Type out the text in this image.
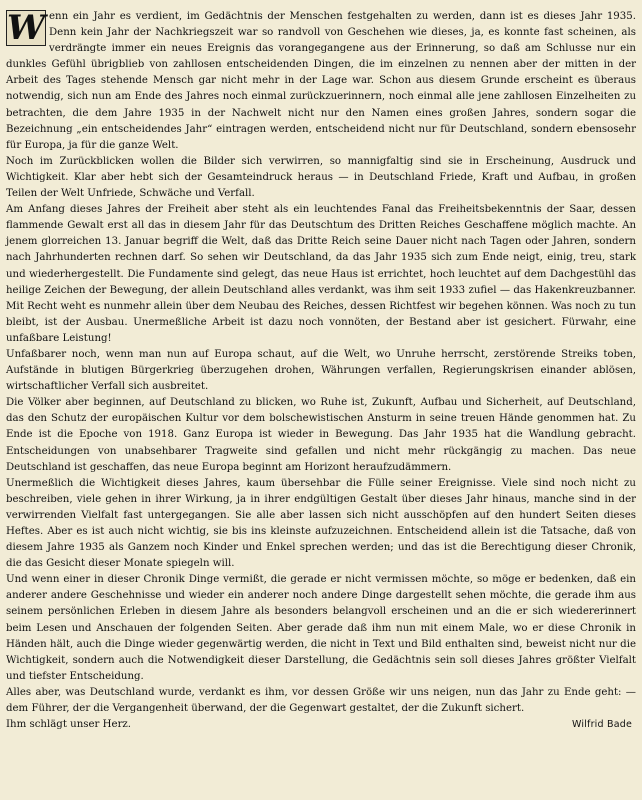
W enn ein Jahr es verdient, im Gedächtnis der Menschen festgehalten zu werden, dann ist es dieses Jahr 1935. Denn kein Jahr der Nachkriegszeit war so randvoll von Geschehen wie dieses, ja, es konnte fast scheinen, als verdrängte immer ein neues Ereignis das vorangegangene aus der Erinnerung, so daß am Schlusse nur ein dunkles Gefühl übrigblieb von zahllosen entscheidenden Dingen, die im einzelnen zu nennen aber der mitten in der Arbeit des Tages stehende Mensch gar nicht mehr in der Lage war. Schon aus diesem Grunde erscheint es überaus notwendig, sich nun am Ende des Jahres noch einmal zurückzuerinnern, noch einmal alle jene zahllosen Einzelheiten zu betrachten, die dem Jahre 1935 in der Nachwelt nicht nur den Namen eines großen Jahres, sondern sogar die Bezeichnung „ein entscheidendes Jahr“ eintragen werden, entscheidend nicht nur für Deutschland, sondern ebensosehr für Europa, ja für die ganze Welt.

Noch im Zurückblicken wollen die Bilder sich verwirren, so mannigfaltig sind sie in Erscheinung, Ausdruck und Wichtigkeit. Klar aber hebt sich der Gesamteindruck heraus — in Deutschland Friede, Kraft und Aufbau, in großen Teilen der Welt Unfriede, Schwäche und Verfall.

Am Anfang dieses Jahres der Freiheit aber steht als ein leuchtendes Fanal das Freiheitsbekenntnis der Saar, dessen flammende Gewalt erst all das in diesem Jahr für das Deutschtum des Dritten Reiches Geschaffene möglich machte. An jenem glorreichen 13. Januar begriff die Welt, daß das Dritte Reich seine Dauer nicht nach Tagen oder Jahren, sondern nach Jahrhunderten rechnen darf. So sehen wir Deutschland, da das Jahr 1935 sich zum Ende neigt, einig, treu, stark und wiederhergestellt. Die Fundamente sind gelegt, das neue Haus ist errichtet, hoch leuchtet auf dem Dachgestühl das heilige Zeichen der Bewegung, der allein Deutschland alles verdankt, was ihm seit 1933 zufiel — das Hakenkreuzbanner. Mit Recht weht es nunmehr allein über dem Neubau des Reiches, dessen Richtfest wir begehen können. Was noch zu tun bleibt, ist der Ausbau. Unermeßliche Arbeit ist dazu noch vonnöten, der Bestand aber ist gesichert. Fürwahr, eine unfaßbare Leistung!

Unfaßbarer noch, wenn man nun auf Europa schaut, auf die Welt, wo Unruhe herrscht, zerstörende Streiks toben, Aufstände in blutigen Bürgerkrieg überzugehen drohen, Währungen verfallen, Regierungskrisen einander ablösen, wirtschaftlicher Verfall sich ausbreitet.

Die Völker aber beginnen, auf Deutschland zu blicken, wo Ruhe ist, Zukunft, Aufbau und Sicherheit, auf Deutschland, das den Schutz der europäischen Kultur vor dem bolschewistischen Ansturm in seine treuen Hände genommen hat. Zu Ende ist die Epoche von 1918. Ganz Europa ist wieder in Bewegung. Das Jahr 1935 hat die Wandlung gebracht. Entscheidungen von unabsehbarer Tragweite sind gefallen und nicht mehr rückgängig zu machen. Das neue Deutschland ist geschaffen, das neue Europa beginnt am Horizont heraufzudämmern.

Unermeßlich die Wichtigkeit dieses Jahres, kaum übersehbar die Fülle seiner Ereignisse. Viele sind noch nicht zu beschreiben, viele gehen in ihrer Wirkung, ja in ihrer endgültigen Gestalt über dieses Jahr hinaus, manche sind in der verwirrenden Vielfalt fast untergegangen. Sie alle aber lassen sich nicht ausschöpfen auf den hundert Seiten dieses Heftes. Aber es ist auch nicht wichtig, sie bis ins kleinste aufzuzeichnen. Entscheidend allein ist die Tatsache, daß von diesem Jahre 1935 als Ganzem noch Kinder und Enkel sprechen werden; und das ist die Berechtigung dieser Chronik, die das Gesicht dieser Monate spiegeln will.

Und wenn einer in dieser Chronik Dinge vermißt, die gerade er nicht vermissen möchte, so möge er bedenken, daß ein anderer andere Geschehnisse und wieder ein anderer noch andere Dinge dargestellt sehen möchte, die gerade ihm aus seinem persönlichen Erleben in diesem Jahre als besonders belangvoll erscheinen und an die er sich wiedererinnert beim Lesen und Anschauen der folgenden Seiten. Aber gerade daß ihm nun mit einem Male, wo er diese Chronik in Händen hält, auch die Dinge wieder gegenwärtig werden, die nicht in Text und Bild enthalten sind, beweist nicht nur die Wichtigkeit, sondern auch die Notwendigkeit dieser Darstellung, die Gedächtnis sein soll dieses Jahres größter Vielfalt und tiefster Entscheidung.

Alles aber, was Deutschland wurde, verdankt es ihm, vor dessen Größe wir uns neigen, nun das Jahr zu Ende geht: — dem Führer, der die Vergangenheit überwand, der die Gegenwart gestaltet, der die Zukunft sichert.

Ihm schlägt unser Herz.	Wilfrid Bade
